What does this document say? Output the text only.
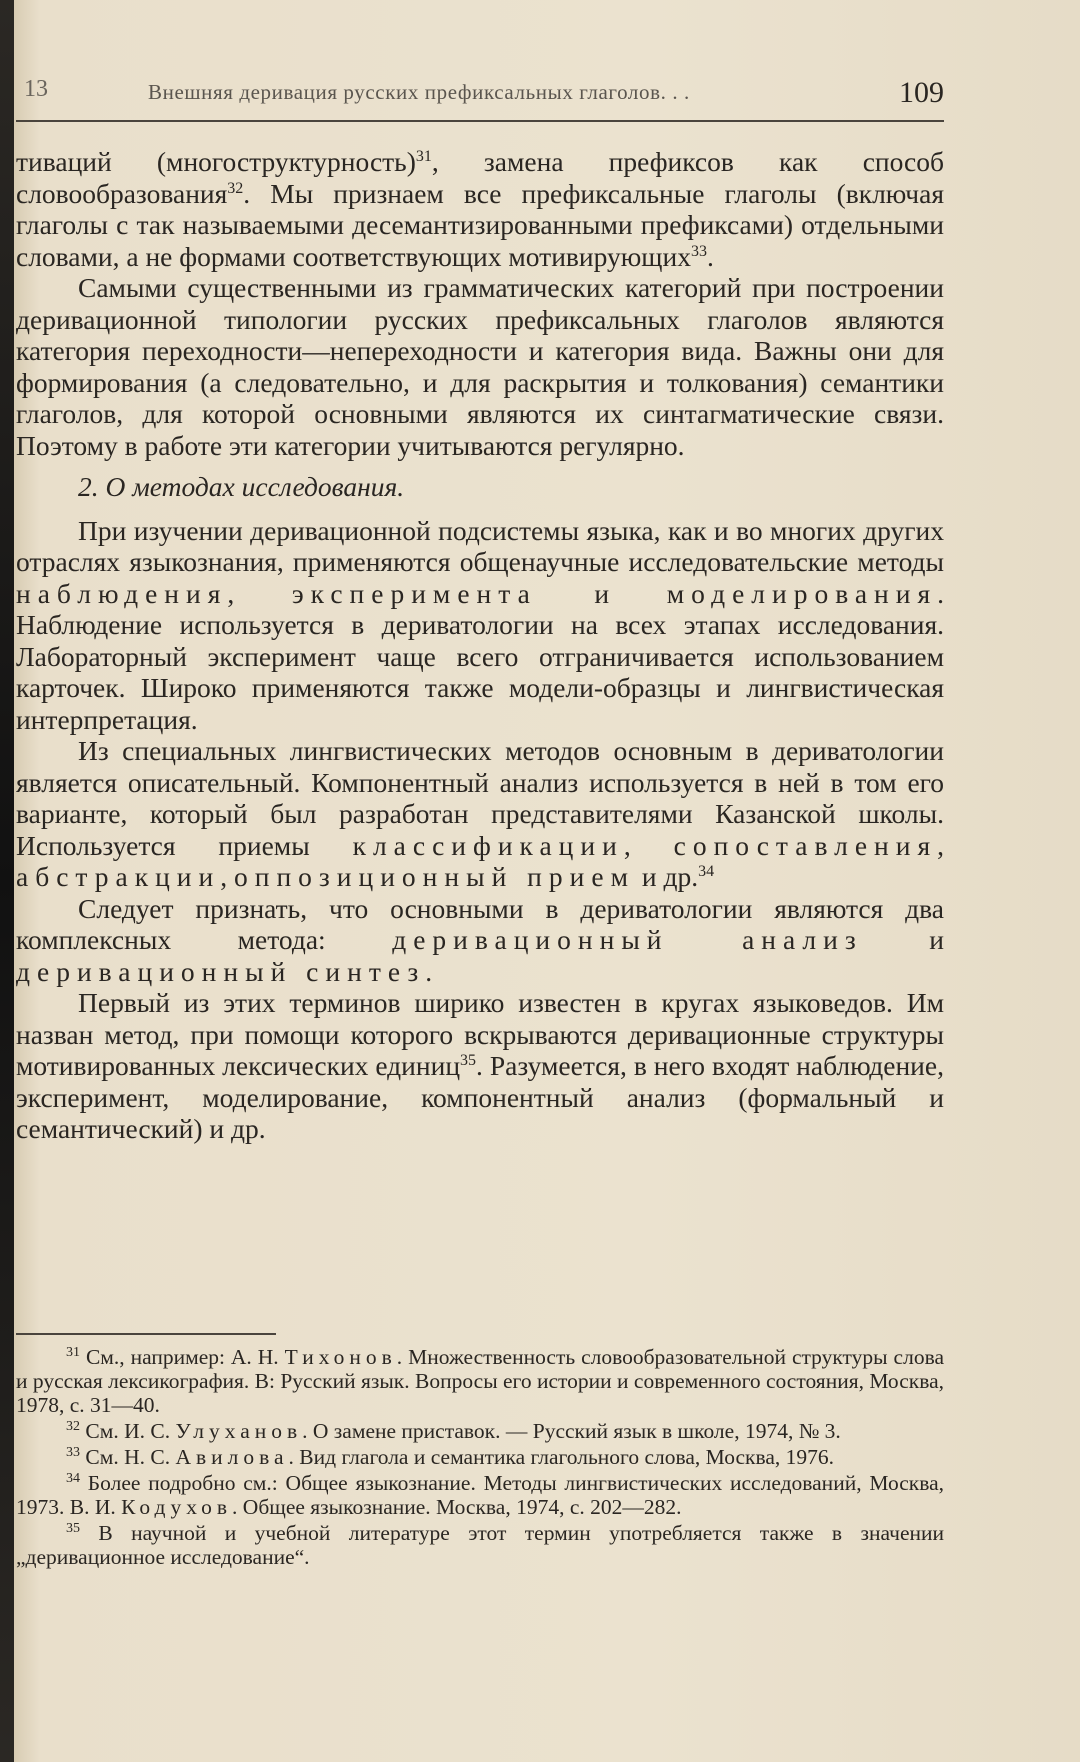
13	Внешняя деривация русских префиксальных глаголов. . .	109

тиваций (многоструктурность)$^{31}$, замена префиксов как способ словообразования$^{32}$. Мы признаем все префиксальные глаголы (включая глаголы с так называемыми десемантизированными префиксами) отдельными словами, а не формами соответствующих мотивирующих$^{33}$.

Самыми существенными из грамматических категорий при построении деривационной типологии русских префиксальных глаголов являются категория переходности—непереходности и категория вида. Важны они для формирования (а следовательно, и для раскрытия и толкования) семантики глаголов, для которой основными являются их синтагматические связи. Поэтому в работе эти категории учитываются регулярно.

2. О методах исследования.

При изучении деривационной подсистемы языка, как и во многих других отраслях языкознания, применяются общенаучные исследовательские методы наблюдения, эксперимента и моделирования. Наблюдение используется в дериватологии на всех этапах исследования. Лабораторный эксперимент чаще всего отграничивается использованием карточек. Широко применяются также модели-образцы и лингвистическая интерпретация.

Из специальных лингвистических методов основным в дериватологии является описательный. Компонентный анализ используется в ней в том его варианте, который был разработан представителями Казанской школы. Используется приемы классификации, сопоставления, абстракции, оппозиционный прием и др.$^{34}$

Следует признать, что основными в дериватологии являются два комплексных метода: деривационный анализ и деривационный синтез.

Первый из этих терминов ширико известен в кругах языковедов. Им назван метод, при помощи которого вскрываются деривационные структуры мотивированных лексических единиц$^{35}$. Разумеется, в него входят наблюдение, эксперимент, моделирование, компонентный анализ (формальный и семантический) и др.

$^{31}$ См., например: А. Н. Тихонов. Множественность словообразовательной структуры слова и русская лексикография. В: Русский язык. Вопросы его истории и современного состояния, Москва, 1978, с. 31—40.

$^{32}$ См. И. С. Улуханов. О замене приставок. — Русский язык в школе, 1974, № 3.

$^{33}$ См. Н. С. Авилова. Вид глагола и семантика глагольного слова, Москва, 1976.

$^{34}$ Более подробно см.: Общее языкознание. Методы лингвистических исследований, Москва, 1973. В. И. Кодухов. Общее языкознание. Москва, 1974, с. 202—282.

$^{35}$ В научной и учебной литературе этот термин употребляется также в значении „деривационное исследование“.
